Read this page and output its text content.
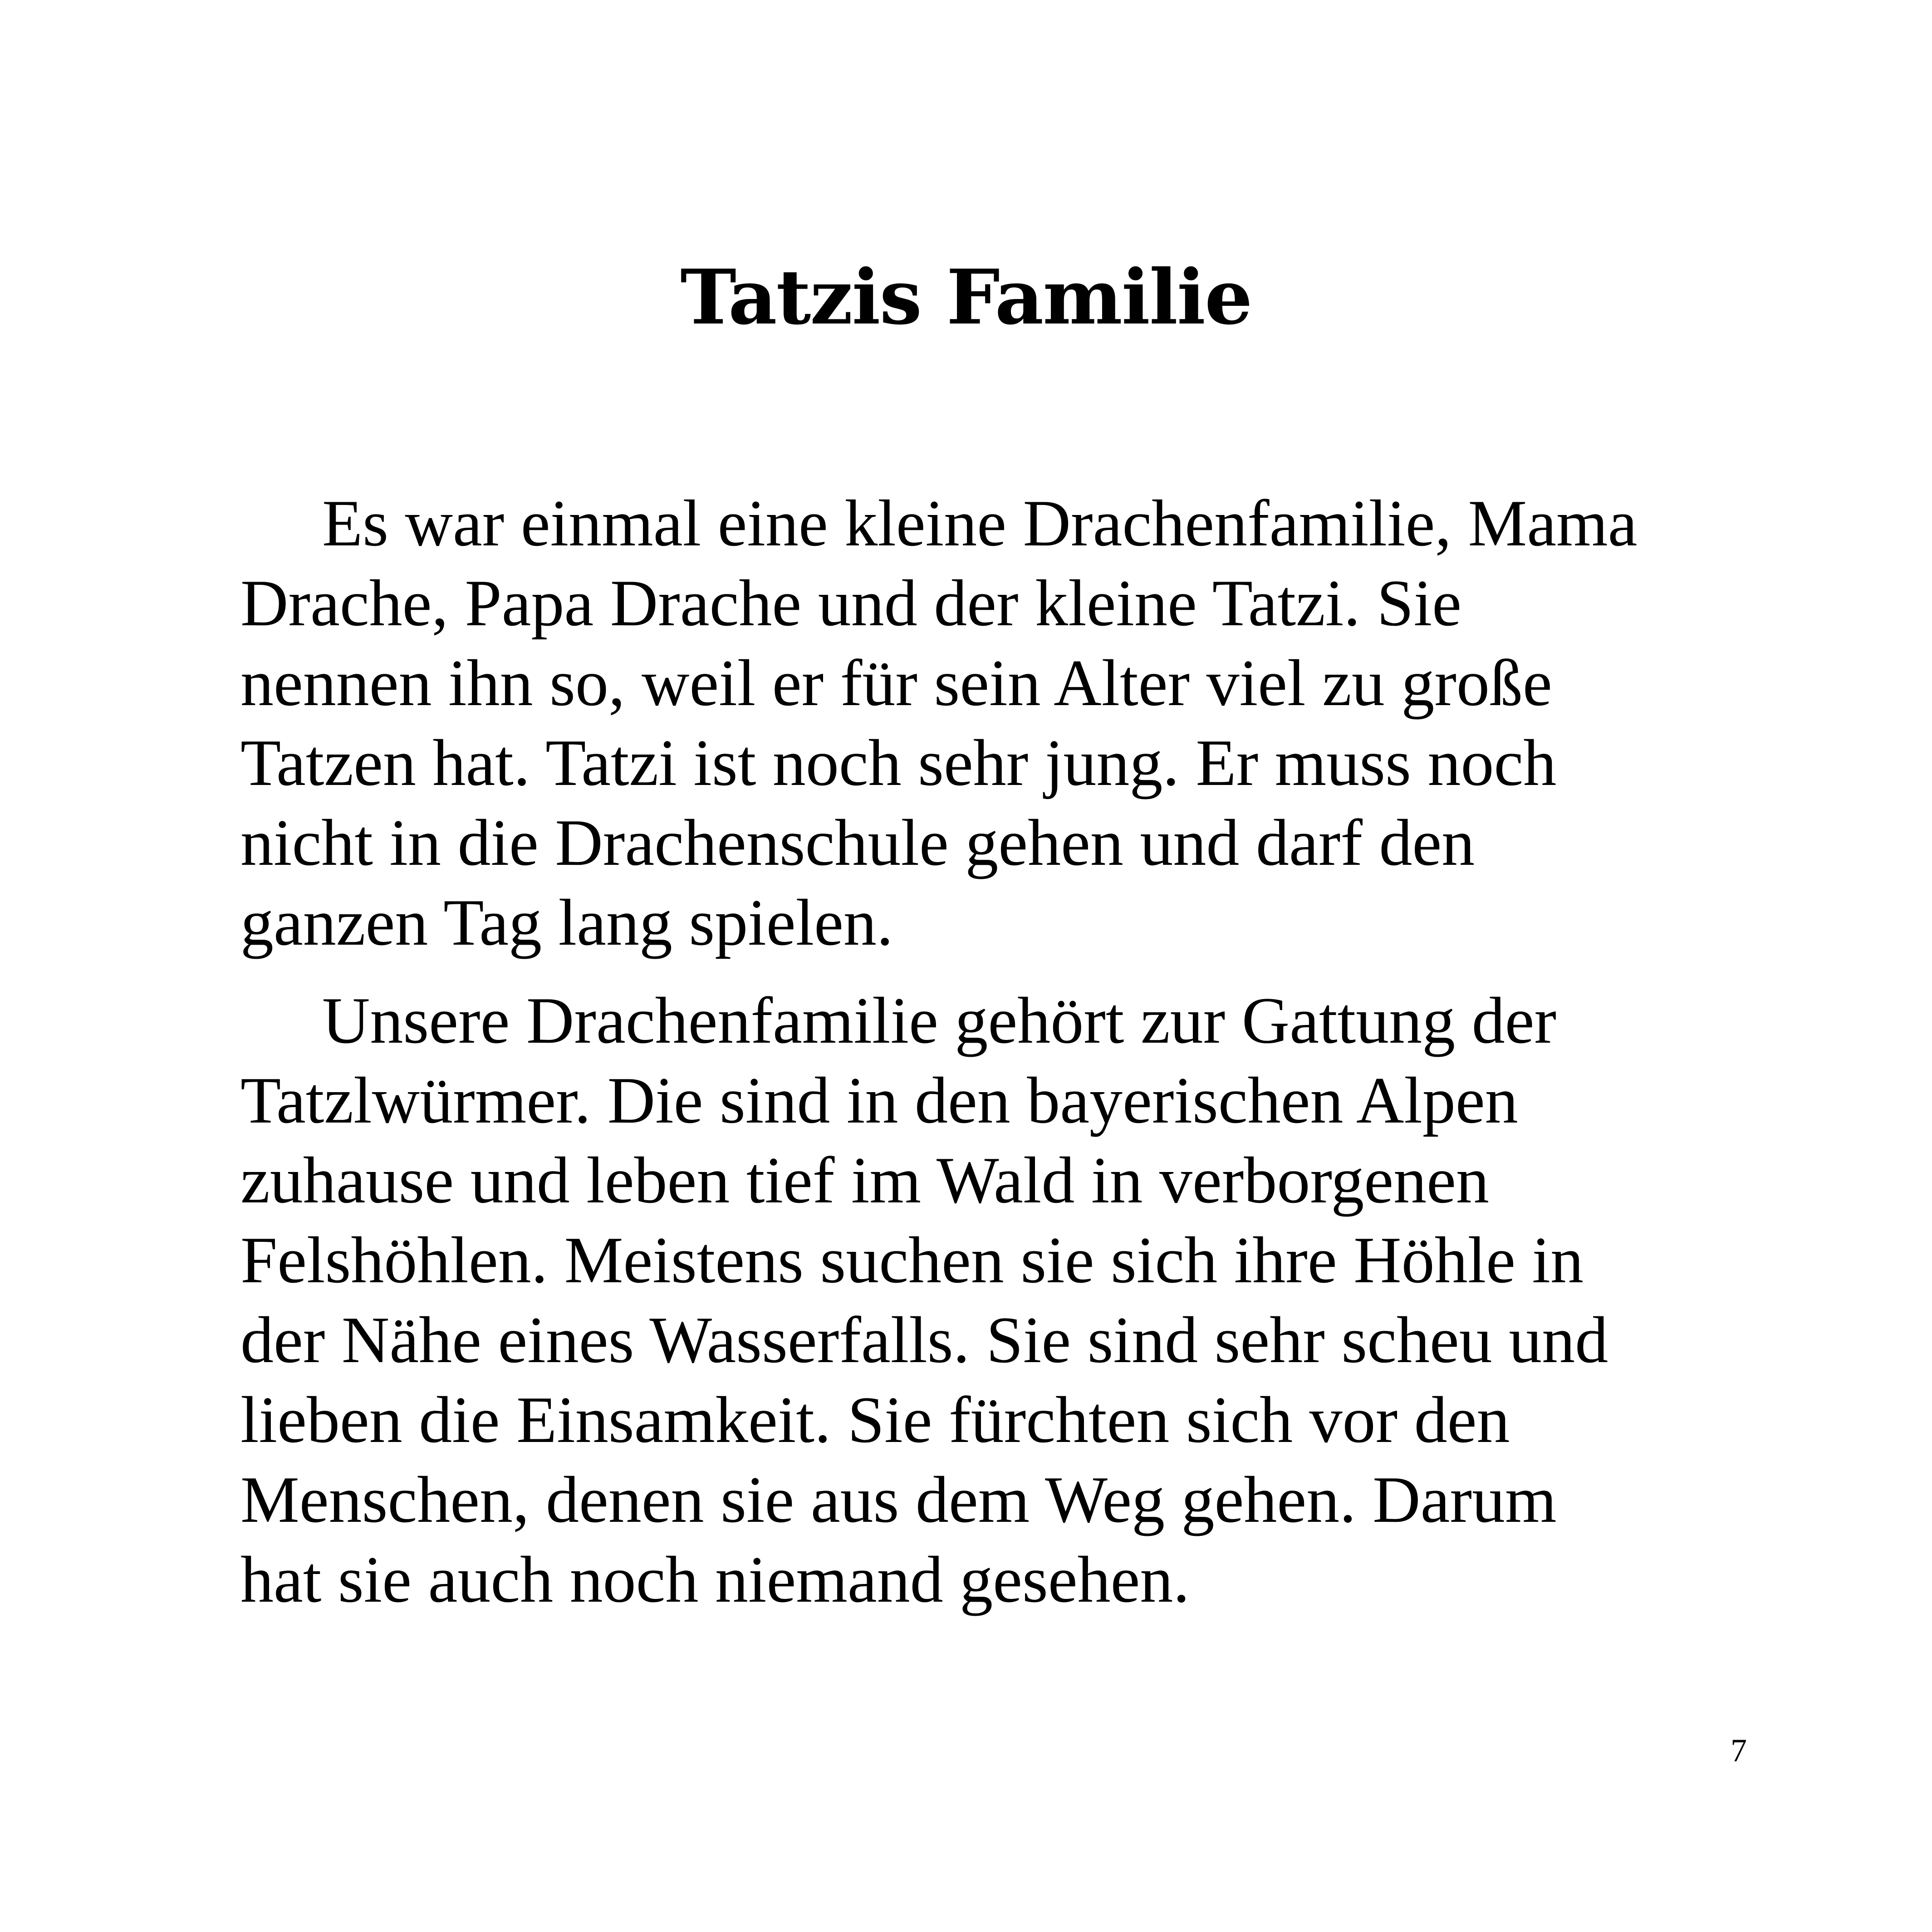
Tatzis Familie

Es war einmal eine kleine Drachenfamilie, Mama
Drache, Papa Drache und der kleine Tatzi. Sie
nennen ihn so, weil er für sein Alter viel zu große
Tatzen hat. Tatzi ist noch sehr jung. Er muss noch
nicht in die Drachenschule gehen und darf den
ganzen Tag lang spielen.

Unsere Drachenfamilie gehört zur Gattung der
Tatzlwürmer. Die sind in den bayerischen Alpen
zuhause und leben tief im Wald in verborgenen
Felshöhlen. Meistens suchen sie sich ihre Höhle in
der Nähe eines Wasserfalls. Sie sind sehr scheu und
lieben die Einsamkeit. Sie fürchten sich vor den
Menschen, denen sie aus dem Weg gehen. Darum
hat sie auch noch niemand gesehen.

7
